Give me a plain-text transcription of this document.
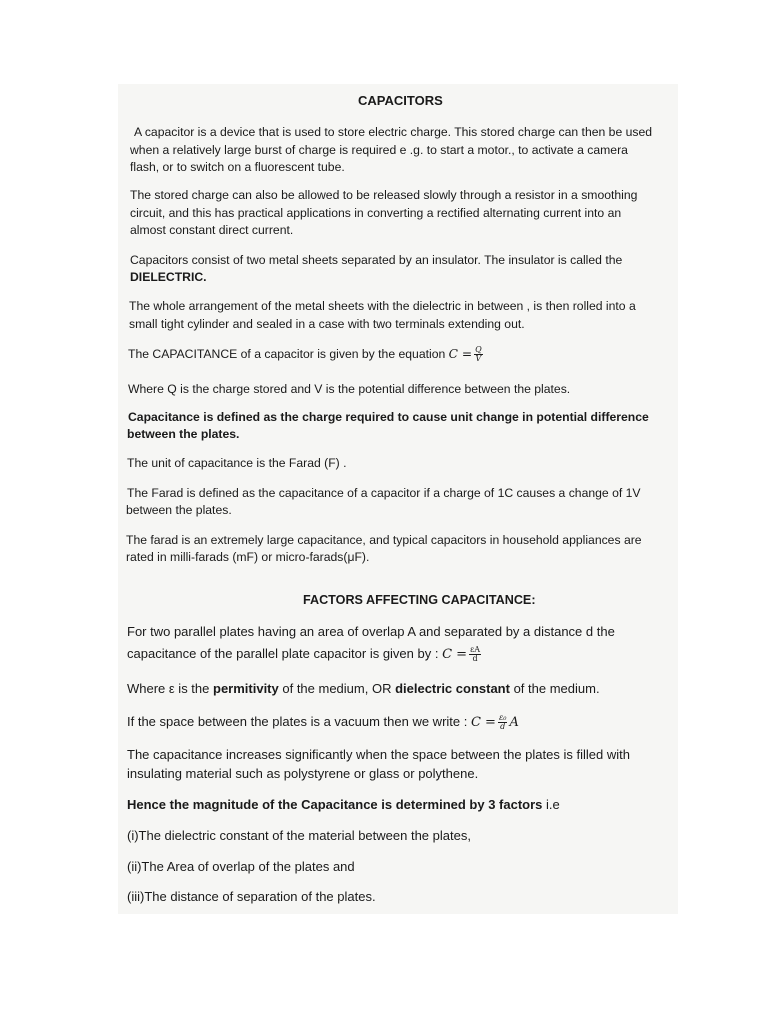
CAPACITORS
A capacitor is a device that is used to store electric charge. This stored charge can then be used
when a relatively large burst of charge is required e .g. to start a motor., to activate a camera
flash, or to switch on a fluorescent tube.
The stored charge can also be allowed to be released slowly through a resistor in a smoothing
circuit, and this has practical applications in converting a rectified alternating current into an
almost constant direct current.
Capacitors consist of two metal sheets separated by an insulator. The insulator is called the
DIELECTRIC.
The whole arrangement of the metal sheets with the dielectric in between , is then rolled into a
small tight cylinder and sealed in a case with two terminals extending out.
The CAPACITANCE of a capacitor is given by the equation $C = \frac{Q}{V}$
Where Q is the charge stored and V is the potential difference between the plates.
Capacitance is defined as the charge required to cause unit change in potential difference
between the plates.
The unit of capacitance is the Farad (F) .
The Farad is defined as the capacitance of a capacitor if a charge of 1C causes a change of 1V
between the plates.
The farad is an extremely large capacitance, and typical capacitors in household appliances are
rated in milli-farads (mF) or micro-farads(μF).
FACTORS AFFECTING CAPACITANCE:
For two parallel plates having an area of overlap A and separated by a distance d the
capacitance of the parallel plate capacitor is given by : $C = \frac{\varepsilon A}{d}$
Where ε is the permitivity of the medium, OR dielectric constant of the medium.
If the space between the plates is a vacuum then we write : $C = \frac{\text{ε₀}}{d}$ A
The capacitance increases significantly when the space between the plates is filled with
insulating material such as polystyrene or glass or polythene.
Hence the magnitude of the Capacitance is determined by 3 factors i.e
(i)The dielectric constant of the material between the plates,
(ii)The Area of overlap of the plates and
(iii)The distance of separation of the plates.
